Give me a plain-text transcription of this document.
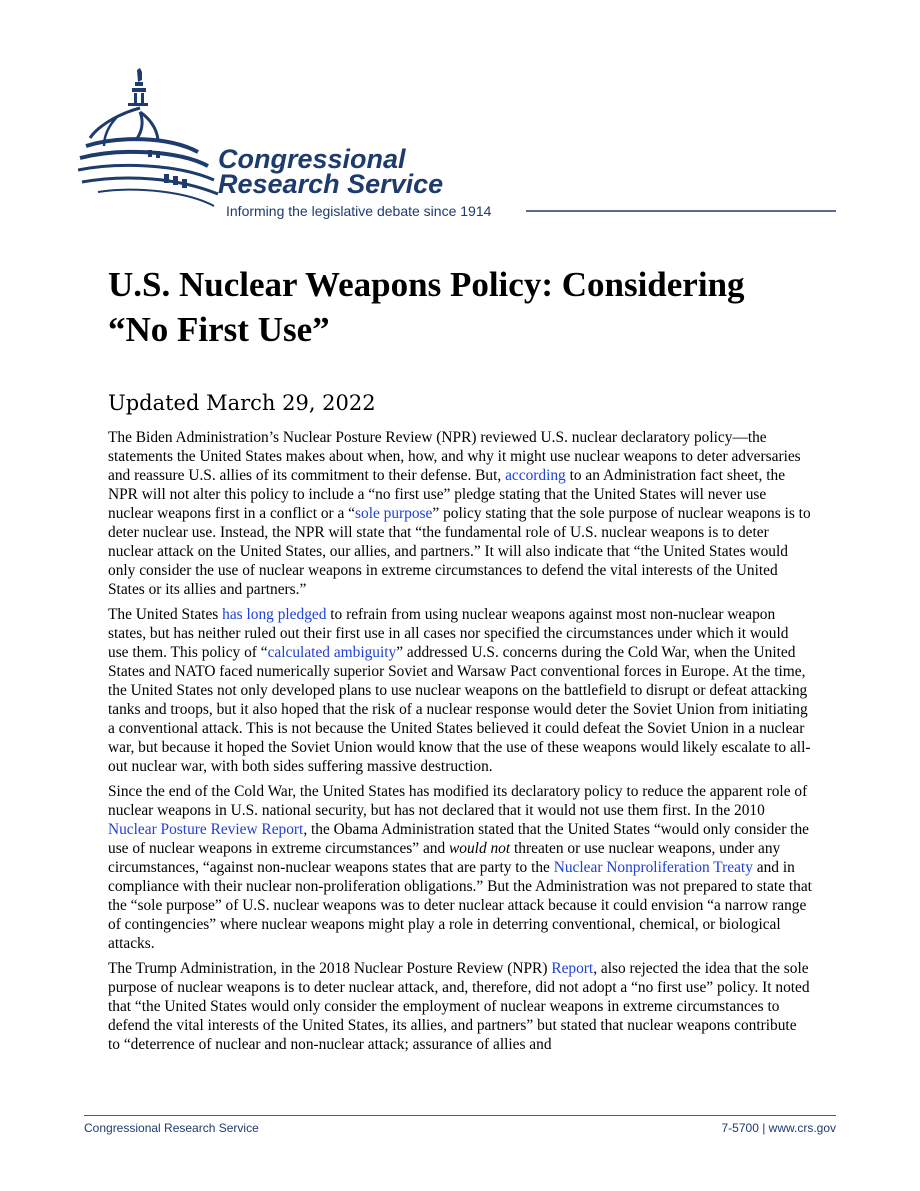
Congressional
Research Service
Informing the legislative debate since 1914
U.S. Nuclear Weapons Policy: Considering “No First Use”
Updated March 29, 2022

The Biden Administration’s Nuclear Posture Review (NPR) reviewed U.S. nuclear declaratory policy—the statements the United States makes about when, how, and why it might use nuclear weapons to deter adversaries and reassure U.S. allies of its commitment to their defense. But, according to an Administration fact sheet, the NPR will not alter this policy to include a “no first use” pledge stating that the United States will never use nuclear weapons first in a conflict or a “sole purpose” policy stating that the sole purpose of nuclear weapons is to deter nuclear use. Instead, the NPR will state that “the fundamental role of U.S. nuclear weapons is to deter nuclear attack on the United States, our allies, and partners.” It will also indicate that “the United States would only consider the use of nuclear weapons in extreme circumstances to defend the vital interests of the United States or its allies and partners.”

The United States has long pledged to refrain from using nuclear weapons against most non-nuclear weapon states, but has neither ruled out their first use in all cases nor specified the circumstances under which it would use them. This policy of “calculated ambiguity” addressed U.S. concerns during the Cold War, when the United States and NATO faced numerically superior Soviet and Warsaw Pact conventional forces in Europe. At the time, the United States not only developed plans to use nuclear weapons on the battlefield to disrupt or defeat attacking tanks and troops, but it also hoped that the risk of a nuclear response would deter the Soviet Union from initiating a conventional attack. This is not because the United States believed it could defeat the Soviet Union in a nuclear war, but because it hoped the Soviet Union would know that the use of these weapons would likely escalate to all-out nuclear war, with both sides suffering massive destruction.

Since the end of the Cold War, the United States has modified its declaratory policy to reduce the apparent role of nuclear weapons in U.S. national security, but has not declared that it would not use them first. In the 2010 Nuclear Posture Review Report, the Obama Administration stated that the United States “would only consider the use of nuclear weapons in extreme circumstances” and would not threaten or use nuclear weapons, under any circumstances, “against non-nuclear weapons states that are party to the Nuclear Nonproliferation Treaty and in compliance with their nuclear non-proliferation obligations.” But the Administration was not prepared to state that the “sole purpose” of U.S. nuclear weapons was to deter nuclear attack because it could envision “a narrow range of contingencies” where nuclear weapons might play a role in deterring conventional, chemical, or biological attacks.

The Trump Administration, in the 2018 Nuclear Posture Review (NPR) Report, also rejected the idea that the sole purpose of nuclear weapons is to deter nuclear attack, and, therefore, did not adopt a “no first use” policy. It noted that “the United States would only consider the employment of nuclear weapons in extreme circumstances to defend the vital interests of the United States, its allies, and partners” but stated that nuclear weapons contribute to “deterrence of nuclear and non-nuclear attack; assurance of allies and

Congressional Research Service	7-5700 | www.crs.gov
